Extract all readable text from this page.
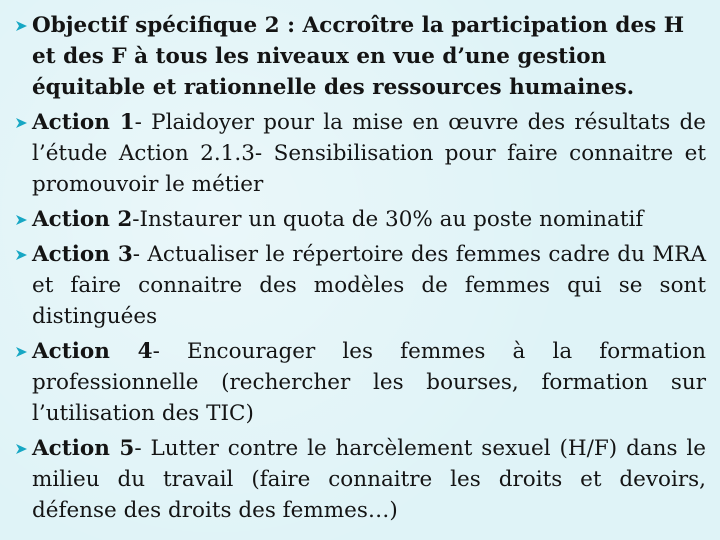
Objectif spécifique 2 : Accroître la participation des H et des F à tous les niveaux en vue d’une gestion équitable et rationnelle des ressources humaines.
Action 1- Plaidoyer pour la mise en œuvre des résultats de l’étude Action 2.1.3- Sensibilisation pour faire connaitre et promouvoir le métier
Action 2-Instaurer un quota de 30% au poste nominatif
Action 3- Actualiser le répertoire des femmes cadre du MRA et faire connaitre des modèles de femmes qui se sont distinguées
Action 4- Encourager les femmes à la formation professionnelle (rechercher les bourses, formation sur l’utilisation des TIC)
Action 5- Lutter contre le harcèlement sexuel (H/F) dans le milieu du travail (faire connaitre les droits et devoirs, défense des droits des femmes…)
